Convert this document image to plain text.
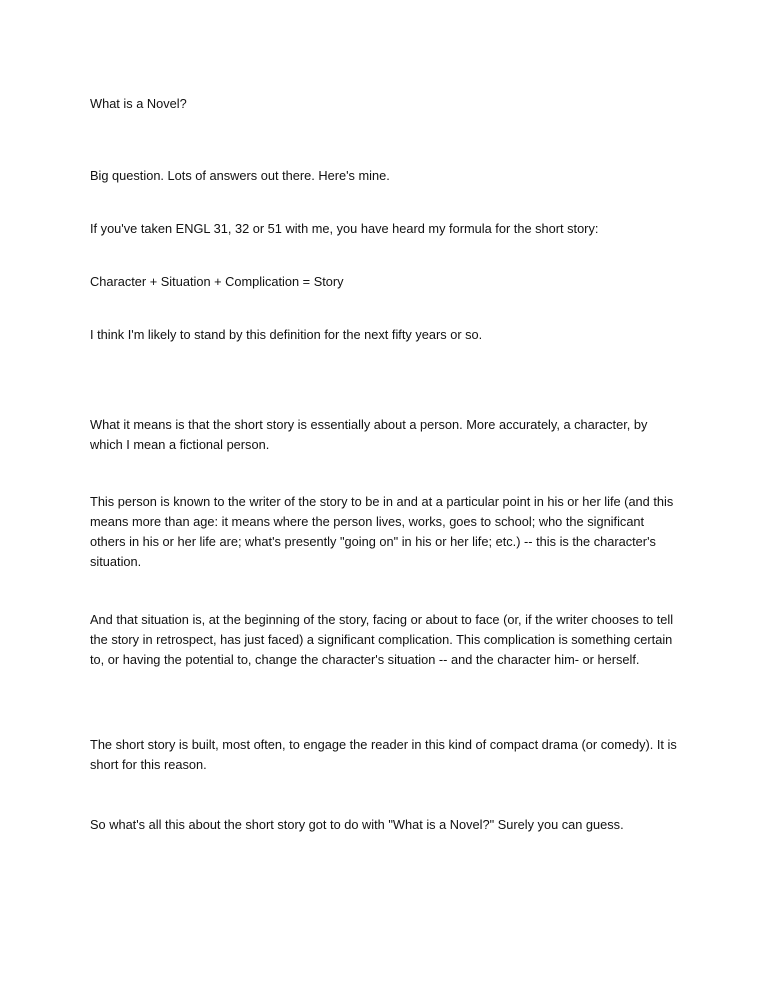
What is a Novel?

Big question. Lots of answers out there. Here's mine.

If you've taken ENGL 31, 32 or 51 with me, you have heard my formula for the short story:

Character + Situation + Complication = Story

I think I'm likely to stand by this definition for the next fifty years or so.

What it means is that the short story is essentially about a person. More accurately, a character, by which I mean a fictional person.

This person is known to the writer of the story to be in and at a particular point in his or her life (and this means more than age: it means where the person lives, works, goes to school; who the significant others in his or her life are; what's presently "going on" in his or her life; etc.) -- this is the character's situation.

And that situation is, at the beginning of the story, facing or about to face (or, if the writer chooses to tell the story in retrospect, has just faced) a significant complication. This complication is something certain to, or having the potential to, change the character's situation -- and the character him- or herself.

The short story is built, most often, to engage the reader in this kind of compact drama (or comedy). It is short for this reason.

So what's all this about the short story got to do with "What is a Novel?" Surely you can guess.
